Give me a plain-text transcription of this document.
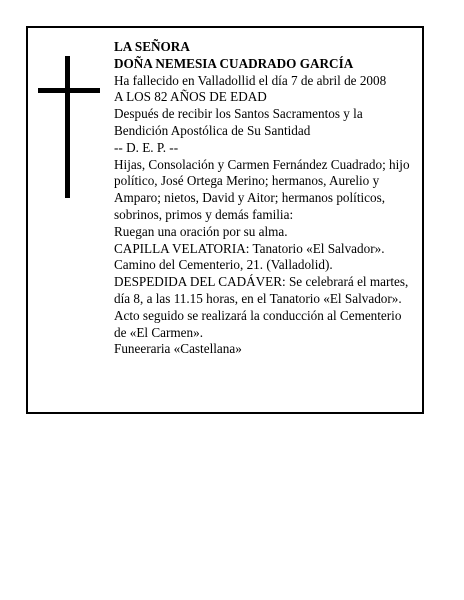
LA SEÑORA
DOÑA NEMESIA CUADRADO GARCÍA
Ha fallecido en Valladollid el día 7 de abril de 2008
A LOS 82 AÑOS DE EDAD
Después de recibir los Santos Sacramentos y la
Bendición Apostólica de Su Santidad
-- D. E. P. --
Hijas, Consolación y Carmen Fernández Cuadrado; hijo
político, José Ortega Merino; hermanos, Aurelio y
Amparo; nietos, David y Aitor; hermanos políticos,
sobrinos, primos y demás familia:
Ruegan una oración por su alma.
CAPILLA VELATORIA: Tanatorio «El Salvador».
Camino del Cementerio, 21. (Valladolid).
DESPEDIDA DEL CADÁVER: Se celebrará el martes,
día 8, a las 11.15 horas, en el Tanatorio «El Salvador».
Acto seguido se realizará la conducción al Cementerio
de «El Carmen».
Funeeraria «Castellana»
